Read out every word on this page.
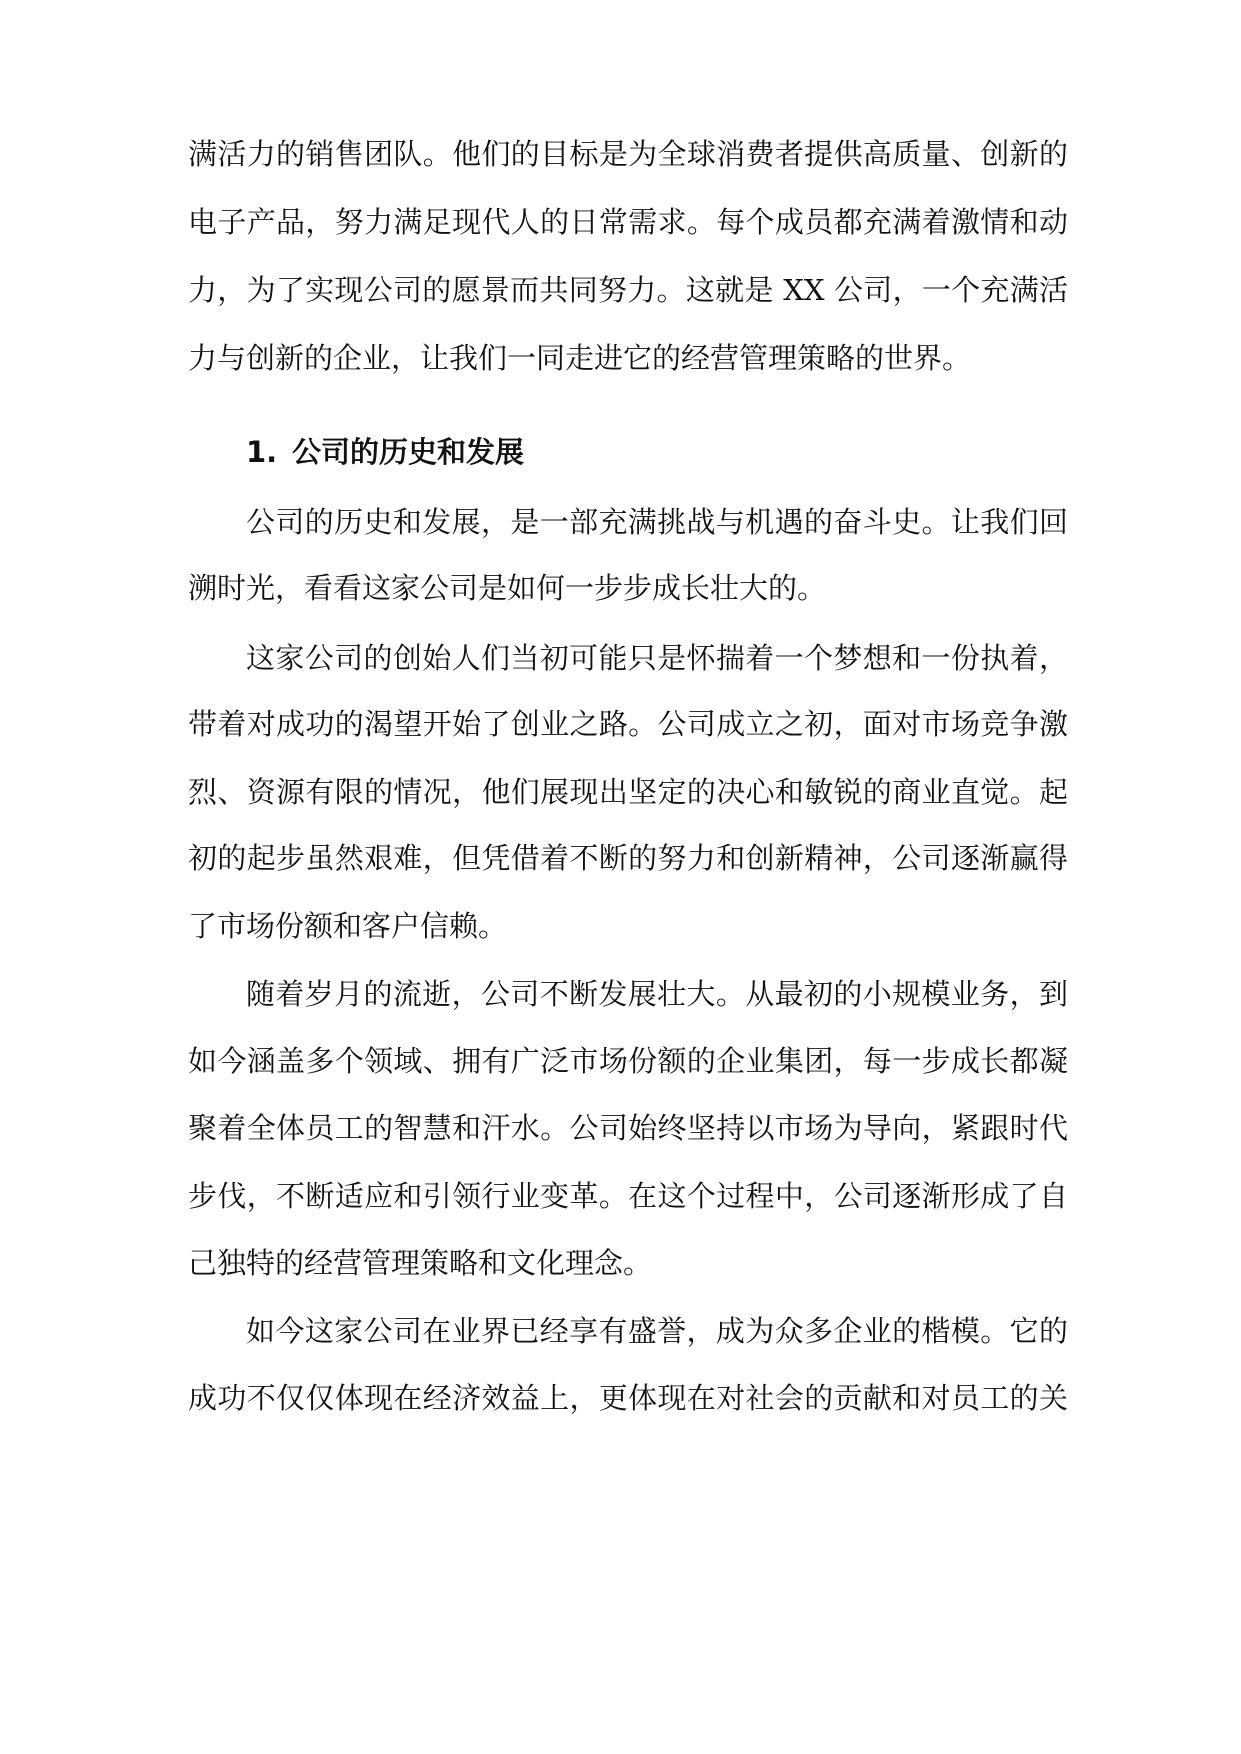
满活力的销售团队。他们的目标是为全球消费者提供高质量、创新的
电子产品，努力满足现代人的日常需求。每个成员都充满着激情和动
力，为了实现公司的愿景而共同努力。这就是 XX 公司，一个充满活
力与创新的企业，让我们一同走进它的经营管理策略的世界。
1. 公司的历史和发展
公司的历史和发展，是一部充满挑战与机遇的奋斗史。让我们回
溯时光，看看这家公司是如何一步步成长壮大的。
这家公司的创始人们当初可能只是怀揣着一个梦想和一份执着，
带着对成功的渴望开始了创业之路。公司成立之初，面对市场竞争激
烈、资源有限的情况，他们展现出坚定的决心和敏锐的商业直觉。起
初的起步虽然艰难，但凭借着不断的努力和创新精神，公司逐渐赢得
了市场份额和客户信赖。
随着岁月的流逝，公司不断发展壮大。从最初的小规模业务，到
如今涵盖多个领域、拥有广泛市场份额的企业集团，每一步成长都凝
聚着全体员工的智慧和汗水。公司始终坚持以市场为导向，紧跟时代
步伐，不断适应和引领行业变革。在这个过程中，公司逐渐形成了自
己独特的经营管理策略和文化理念。
如今这家公司在业界已经享有盛誉，成为众多企业的楷模。它的
成功不仅仅体现在经济效益上，更体现在对社会的贡献和对员工的关
